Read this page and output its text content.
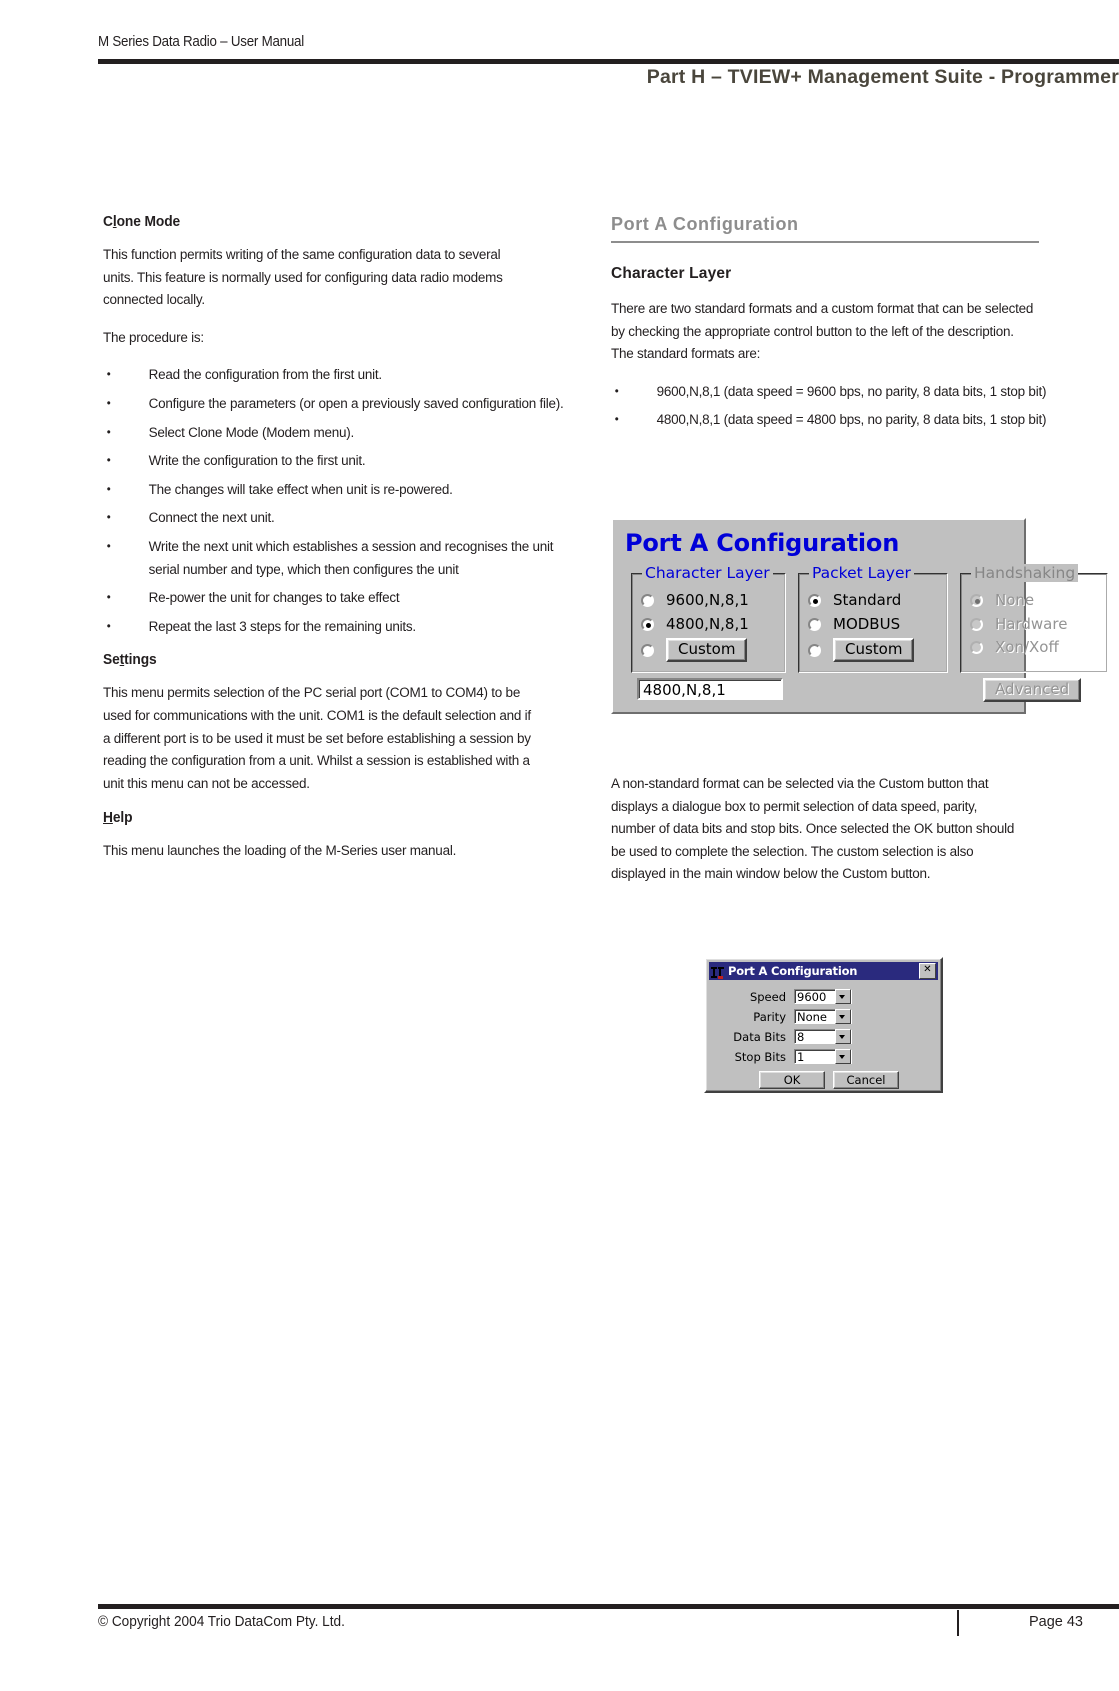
M Series Data Radio – User Manual
Part H – TVIEW+ Management Suite - Programmer
Clone Mode

This function permits writing of the same configuration data to several units. This feature is normally used for configuring data radio modems connected locally.

The procedure is:

• Read the configuration from the first unit.
• Configure the parameters (or open a previously saved configuration file).
• Select Clone Mode (Modem menu).
• Write the configuration to the first unit.
• The changes will take effect when unit is re-powered.
• Connect the next unit.
• Write the next unit which establishes a session and recognises the unit serial number and type, which then configures the unit
• Re-power the unit for changes to take effect
• Repeat the last 3 steps for the remaining units.
Settings

This menu permits selection of the PC serial port (COM1 to COM4) to be used for communications with the unit. COM1 is the default selection and if a different port is to be used it must be set before establishing a session by reading the configuration from a unit. Whilst a session is established with a unit this menu can not be accessed.

Help

This menu launches the loading of the M-Series user manual.

Port A Configuration
Character Layer

There are two standard formats and a custom format that can be selected by checking the appropriate control button to the left of the description. The standard formats are:

• 9600,N,8,1 (data speed = 9600 bps, no parity, 8 data bits, 1 stop bit)
• 4800,N,8,1 (data speed = 4800 bps, no parity, 8 data bits, 1 stop bit)
Port A Configuration
Character Layer
9600,N,8,1
4800,N,8,1
Custom
4800,N,8,1
Packet Layer
Standard
MODBUS
Custom
Handshaking
None
Hardware
Xon/Xoff
Advanced

A non-standard format can be selected via the Custom button that displays a dialogue box to permit selection of data speed, parity, number of data bits and stop bits. Once selected the OK button should be used to complete the selection. The custom selection is also displayed in the main window below the Custom button.

Port A Configuration	✕
Speed 9600
Parity None
Data Bits 8
Stop Bits 1
OK	Cancel
© Copyright 2004 Trio DataCom Pty. Ltd.	Page 43
